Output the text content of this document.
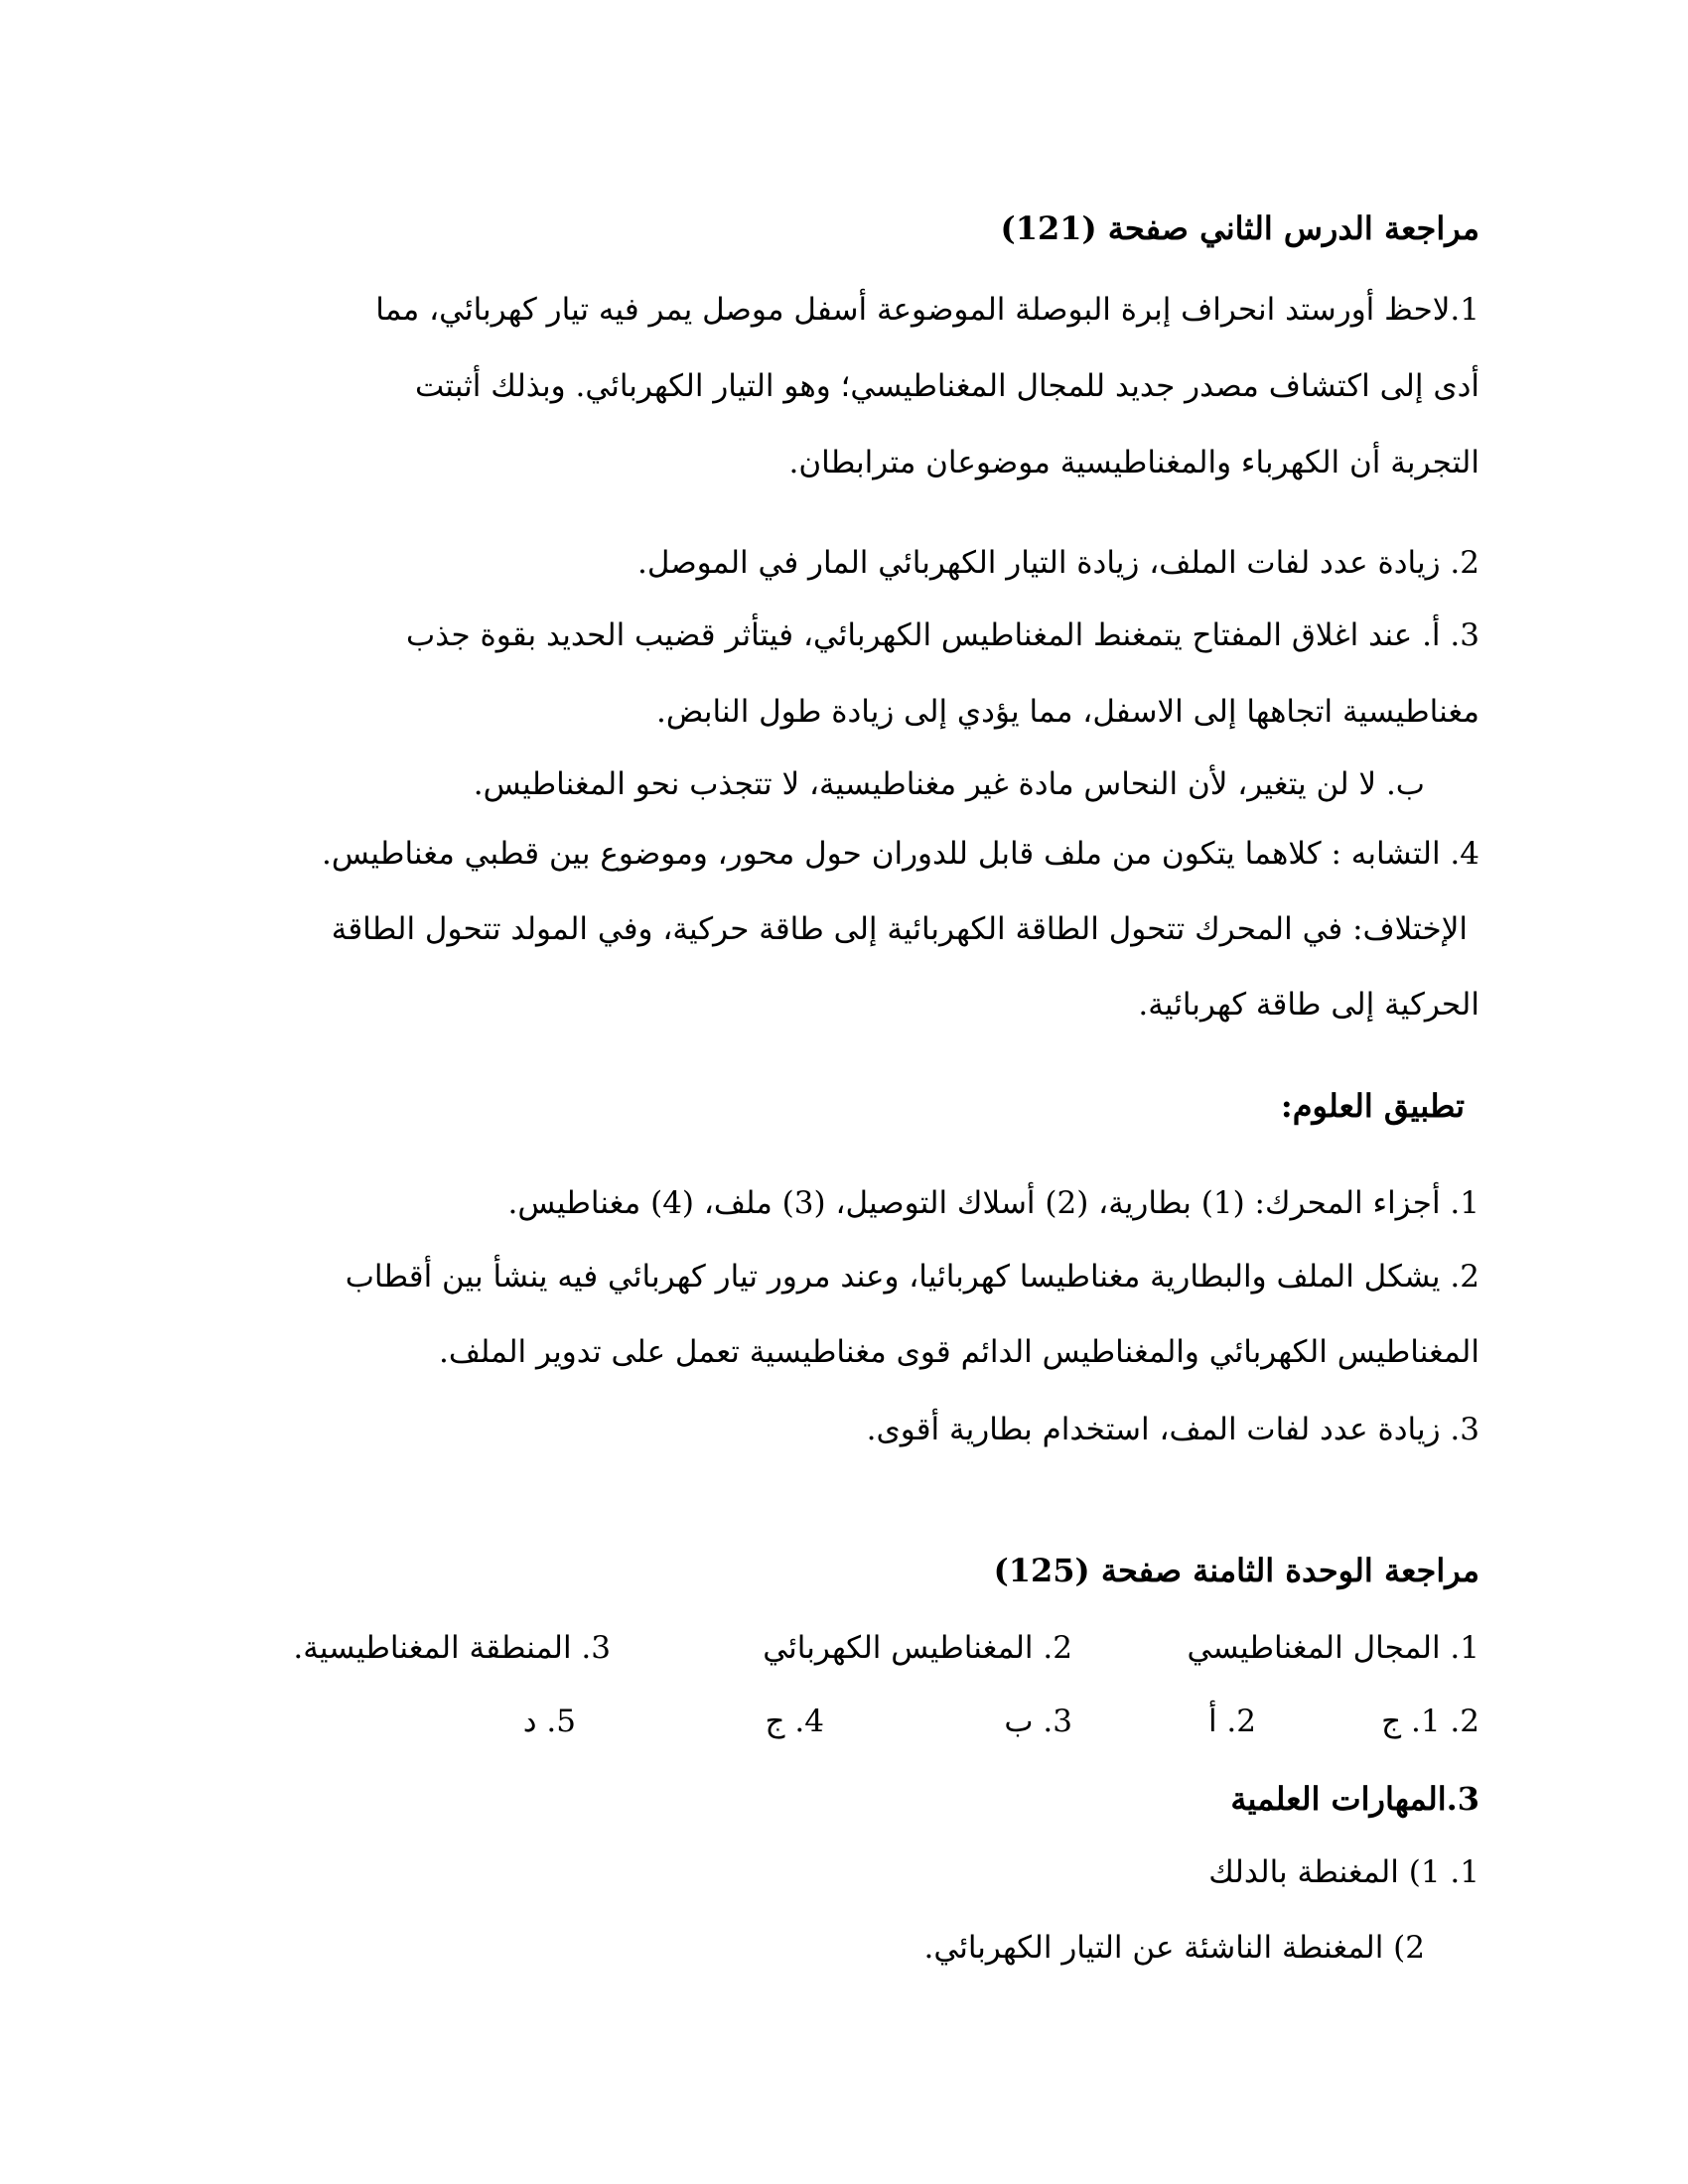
مراجعة الدرس الثاني صفحة (121)
1.لاحظ أورستد انحراف إبرة البوصلة الموضوعة أسفل موصل يمر فيه تيار كهربائي، مما
أدى إلى اكتشاف مصدر جديد للمجال المغناطيسي؛ وهو التيار الكهربائي. وبذلك أثبتت
التجربة أن الكهرباء والمغناطيسية موضوعان مترابطان.
2. زيادة عدد لفات الملف، زيادة التيار الكهربائي المار في الموصل.
3. أ. عند اغلاق المفتاح يتمغنط المغناطيس الكهربائي، فيتأثر قضيب الحديد بقوة جذب
مغناطيسية اتجاهها إلى الاسفل، مما يؤدي إلى زيادة طول النابض.
ب. لا لن يتغير، لأن النحاس مادة غير مغناطيسية، لا تتجذب نحو المغناطيس.
4. التشابه : كلاهما يتكون من ملف قابل للدوران حول محور، وموضوع بين قطبي مغناطيس.
الإختلاف: في المحرك تتحول الطاقة الكهربائية إلى طاقة حركية، وفي المولد تتحول الطاقة
الحركية إلى طاقة كهربائية.
تطبيق العلوم:
1. أجزاء المحرك: (1) بطارية، (2) أسلاك التوصيل، (3) ملف، (4) مغناطيس.
2. يشكل الملف والبطارية مغناطيسا كهربائيا، وعند مرور تيار كهربائي فيه ينشأ بين أقطاب
المغناطيس الكهربائي والمغناطيس الدائم قوى مغناطيسية تعمل على تدوير الملف.
3. زيادة عدد لفات المف، استخدام بطارية أقوى.
مراجعة الوحدة الثامنة صفحة (125)
1. المجال المغناطيسي
2. المغناطيس الكهربائي
3. المنطقة المغناطيسية.
2. 1. ج
2. أ
3. ب
4. ج
5. د
3.المهارات العلمية
1. 1) المغنطة بالدلك
2) المغنطة الناشئة عن التيار الكهربائي.
